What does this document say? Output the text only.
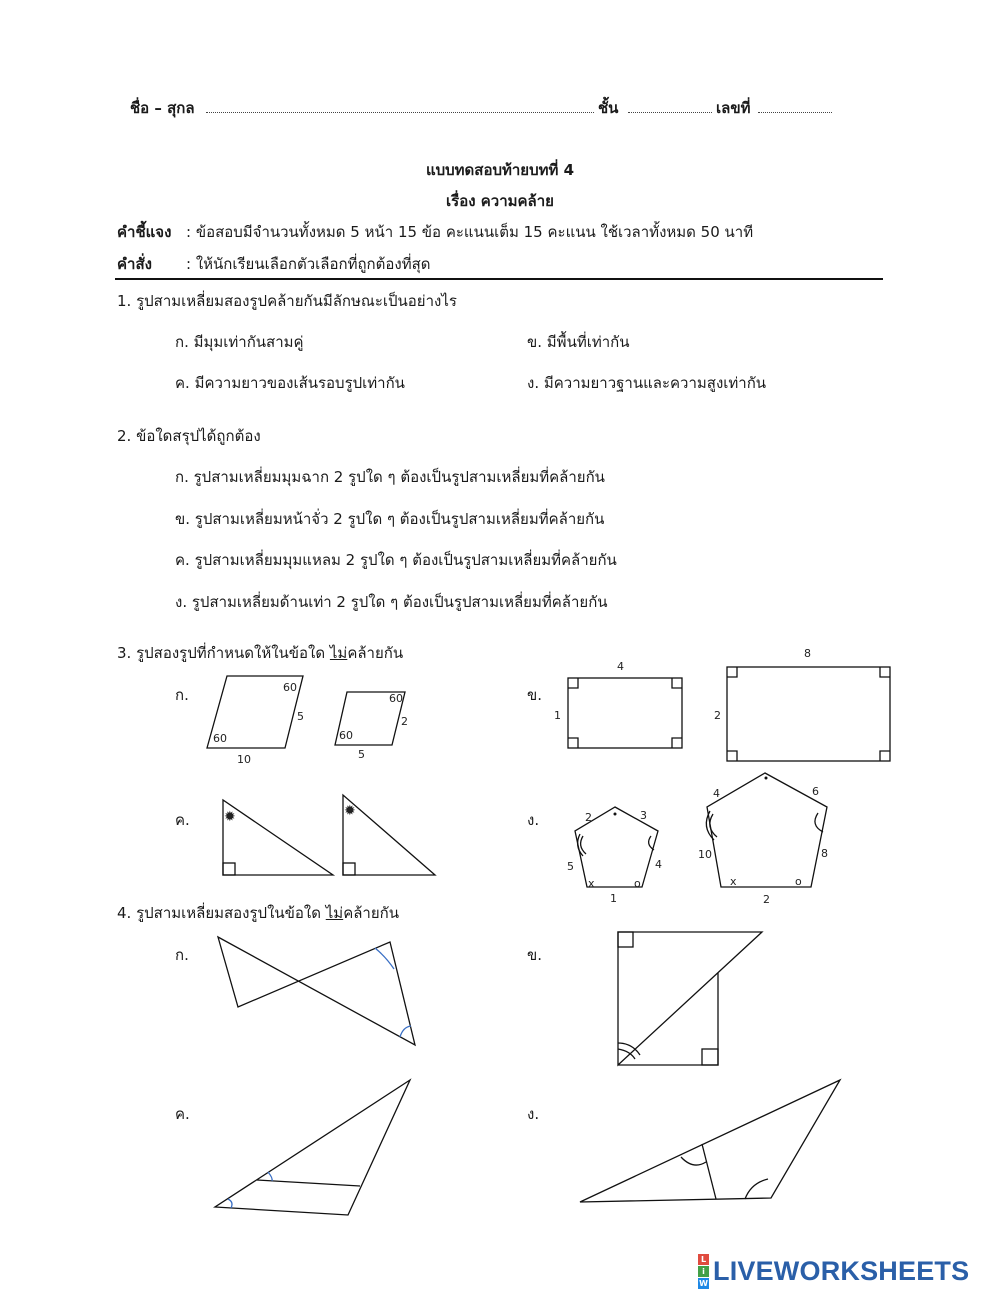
ชื่อ – สุกล	ชั้น	เลขที่
แบบทดสอบท้ายบทที่ 4
เรื่อง ความคล้าย
คำชี้แจง : ข้อสอบมีจำนวนทั้งหมด 5 หน้า 15 ข้อ คะแนนเต็ม 15 คะแนน ใช้เวลาทั้งหมด 50 นาที
คำสั่ง : ให้นักเรียนเลือกตัวเลือกที่ถูกต้องที่สุด
1. รูปสามเหลี่ยมสองรูปคล้ายกันมีลักษณะเป็นอย่างไร
ก. มีมุมเท่ากันสามคู่	ข. มีพื้นที่เท่ากัน
ค. มีความยาวของเส้นรอบรูปเท่ากัน	ง. มีความยาวฐานและความสูงเท่ากัน
2. ข้อใดสรุปได้ถูกต้อง
ก. รูปสามเหลี่ยมมุมฉาก 2 รูปใด ๆ ต้องเป็นรูปสามเหลี่ยมที่คล้ายกัน
ข. รูปสามเหลี่ยมหน้าจั่ว 2 รูปใด ๆ ต้องเป็นรูปสามเหลี่ยมที่คล้ายกัน
ค. รูปสามเหลี่ยมมุมแหลม 2 รูปใด ๆ ต้องเป็นรูปสามเหลี่ยมที่คล้ายกัน
ง. รูปสามเหลี่ยมด้านเท่า 2 รูปใด ๆ ต้องเป็นรูปสามเหลี่ยมที่คล้ายกัน
3. รูปสองรูปที่กำหนดให้ในข้อใด ไม่คล้ายกัน
ก.	ข.
ค.	ง.
60
5
60
10
60
2
60
5
4
1
8
2
✹	✹	2	3
5	4
1
x	o
4	6
10	8
2
x	o
4. รูปสามเหลี่ยมสองรูปในข้อใด ไม่คล้ายกัน
ก.	ข.
ค.	ง.
L
i
W LIVEWORKSHEETS
